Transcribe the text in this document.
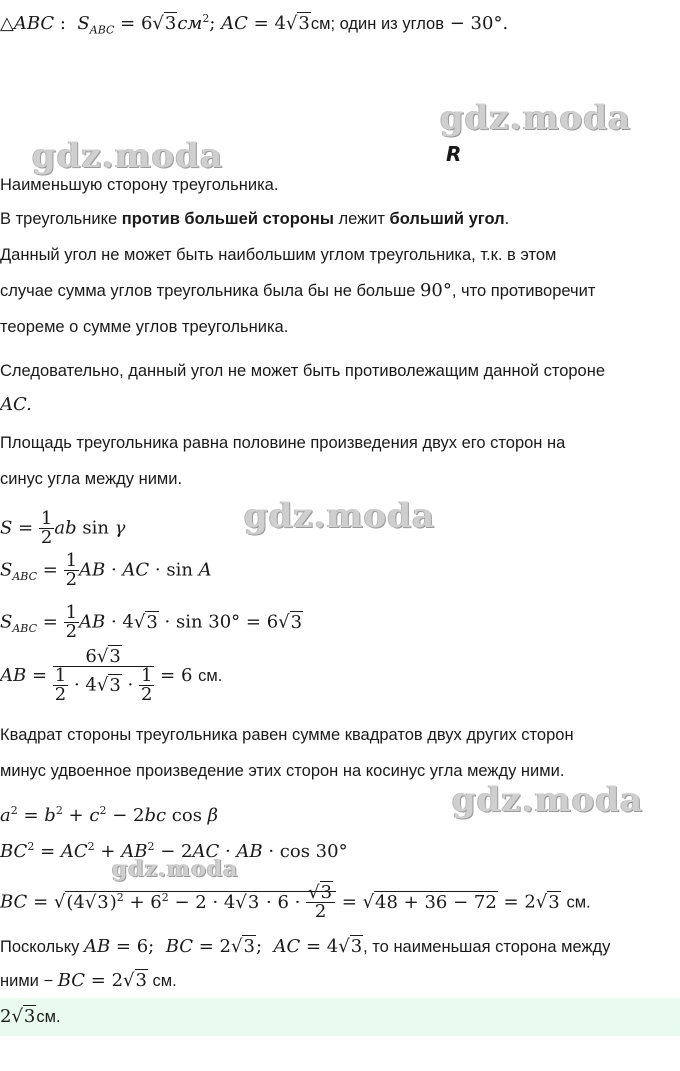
gdz.moda
R
gdz.moda
gdz.moda
gdz.moda
gdz.moda
△ABC :  $S_{ABC} = 6√3см^2$; AC = 4√3см; один из углов − 30°.
Наименьшую сторону треугольника.
В треугольнике против большей стороны лежит больший угол.
Данный угол не может быть наибольшим углом треугольника, т.к. в этом
случае сумма углов треугольника была бы не больше 90°, что противоречит
теореме о сумме углов треугольника.
Следовательно, данный угол не может быть противолежащим данной стороне
AC.
Площадь треугольника равна половине произведения двух его сторон на
синус угла между ними.
$S = \frac{1}{2}$ ab sin γ
$S_{ABC} = \frac{1}{2}$ AB · AC · sin A
$S_{ABC} = \frac{1}{2}$ AB · 4√3 · sin 30° = 6√3
AB = $\frac{6√3}{\frac{1}{2} \cdot 4√3 \cdot \frac{1}{2}} = 6$ см.
Квадрат стороны треугольника равен сумме квадратов двух других сторон
минус удвоенное произведение этих сторон на косинус угла между ними.
$a^2 = b^2 + c^2 - 2bc$ cos β
$BC^2 = AC^2 + AB^2 - 2AC$ · AB · cos 30°
BC = $√(4√3)^2 + 6^2 - 2 \cdot 4√3 \cdot 6 \cdot \frac{√3}{2} = √48 + 36 - 72 = 2√3$ см.
Поскольку AB = 6;  BC = 2√3;  AC = 4√3, то наименьшая сторона между
ними − BC = 2√3 см.
2√3см.
